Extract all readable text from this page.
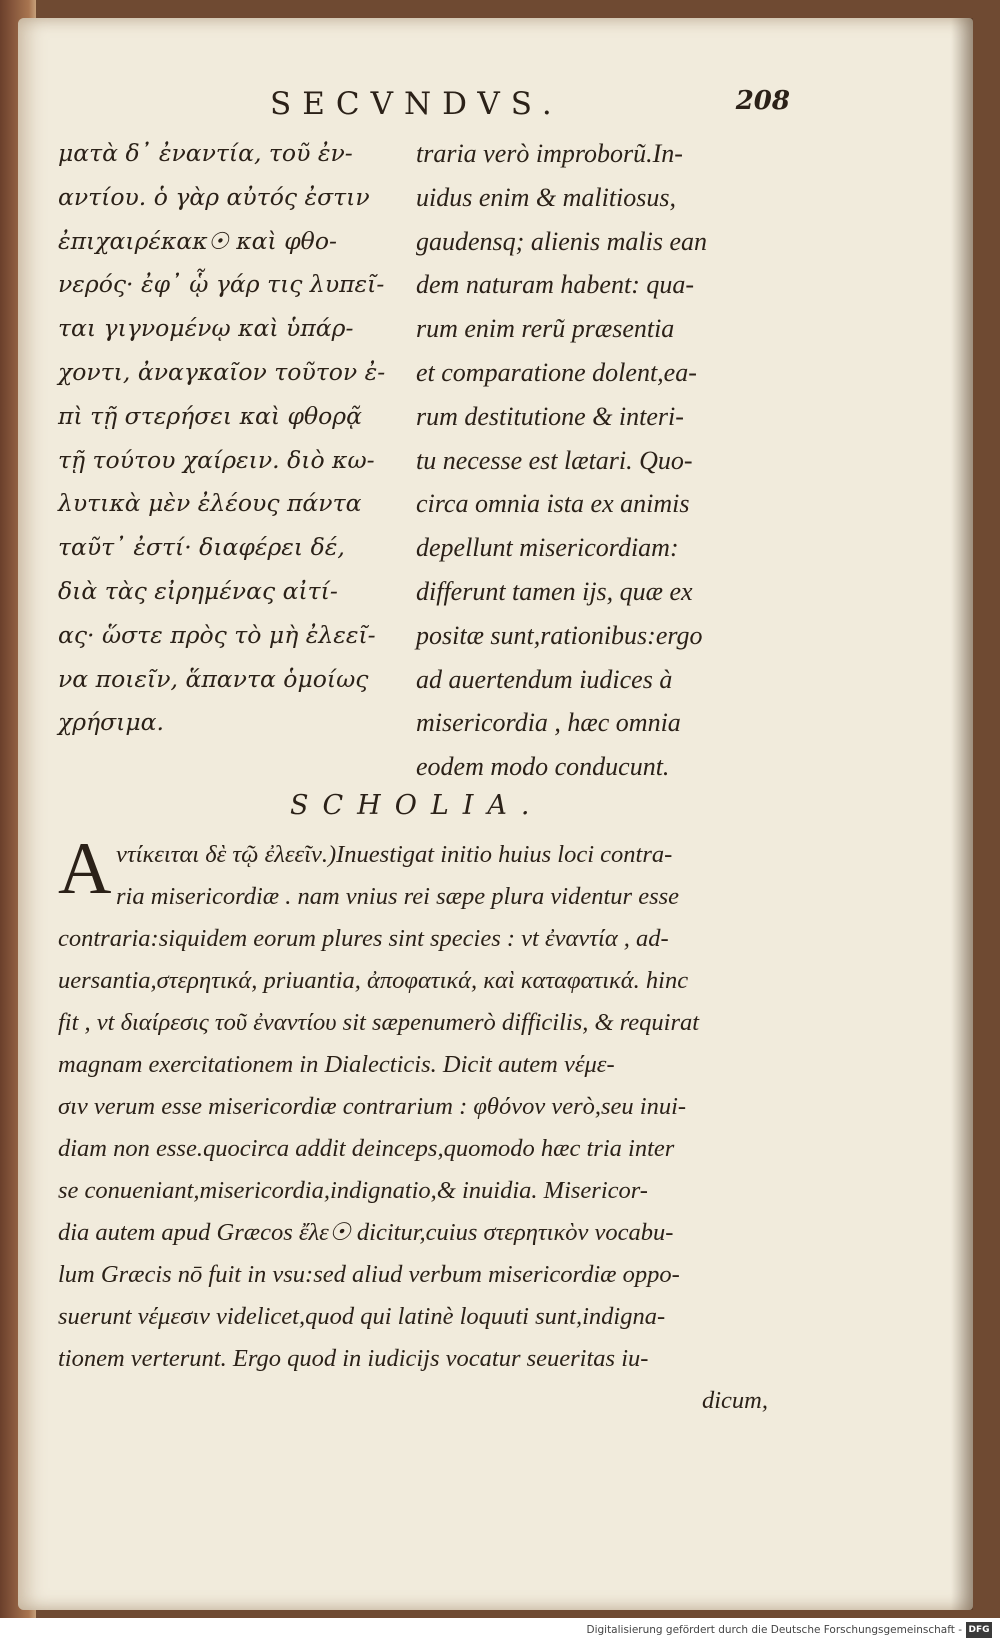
SECVNDVS.	208
ματὰ δ᾽ ἐναντία, τοῦ ἐν-
αντίου. ὁ γὰρ αὐτός ἐστιν
ἐπιχαιρέκακ☉ καὶ φθο-
νερός· ἐφ᾽ ᾧ γάρ τις λυπεῖ-
ται γιγνομένῳ καὶ ὑπάρ-
χοντι, ἀναγκαῖον τοῦτον ἐ-
πὶ τῇ στερήσει καὶ φθορᾷ
τῇ τούτου χαίρειν. διὸ κω-
λυτικὰ μὲν ἐλέους πάντα
ταῦτ᾽ ἐστί· διαφέρει δέ,
διὰ τὰς εἰρημένας αἰτί-
ας· ὥστε πρὸς τὸ μὴ ἐλεεῖ-
να ποιεῖν, ἅπαντα ὁμοίως
χρήσιμα.
traria verò improborũ.In-
uidus enim & malitiosus,
gaudensq; alienis malis ean
dem naturam habent: qua-
rum enim rerũ præsentia
et comparatione dolent,ea-
rum destitutione & interi-
tu necesse est lætari. Quo-
circa omnia ista ex animis
depellunt misericordiam:
differunt tamen ijs, quæ ex
positæ sunt,rationibus:ergo
ad auertendum iudices à
misericordia , hæc omnia
eodem modo conducunt.
SCHOLIA.
A ντίκειται δὲ τῷ ἐλεεῖν.)Inuestigat initio huius loci contra-
ria misericordiæ . nam vnius rei sæpe plura videntur esse
contraria:siquidem eorum plures sint species : vt ἐναντία , ad-
uersantia,στερητικά, priuantia, ἀποφατικά, καὶ καταφατικά. hinc
fit , vt διαίρεσις τοῦ ἐναντίου sit sæpenumerò difficilis, & requirat
magnam exercitationem in Dialecticis. Dicit autem νέμε-
σιν verum esse misericordiæ contrarium : φθόνον verò,seu inui-
diam non esse.quocirca addit deinceps,quomodo hæc tria inter
se conueniant,misericordia,indignatio,& inuidia. Misericor-
dia autem apud Græcos ἔλε☉ dicitur,cuius στερητικὸν vocabu-
lum Græcis nō fuit in vsu:sed aliud verbum misericordiæ oppo-
suerunt νέμεσιν videlicet,quod qui latinè loquuti sunt,indigna-
tionem verterunt. Ergo quod in iudicijs vocatur seueritas iu-
dicum,
Digitalisierung gefördert durch die Deutsche Forschungsgemeinschaft - DFG
